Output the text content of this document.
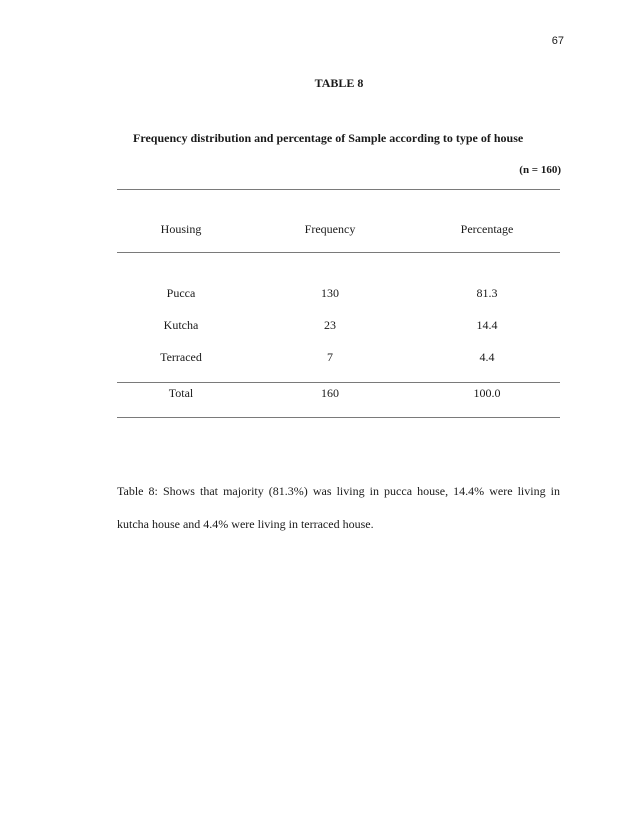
67
TABLE 8
Frequency distribution and percentage of Sample according to type of house
(n = 160)
Housing	Frequency	Percentage
Pucca	130	81.3
Kutcha	23	14.4
Terraced	7	4.4
Total	160	100.0

Table 8: Shows that majority (81.3%) was living in pucca house, 14.4% were living in kutcha house and 4.4% were living in terraced house.
